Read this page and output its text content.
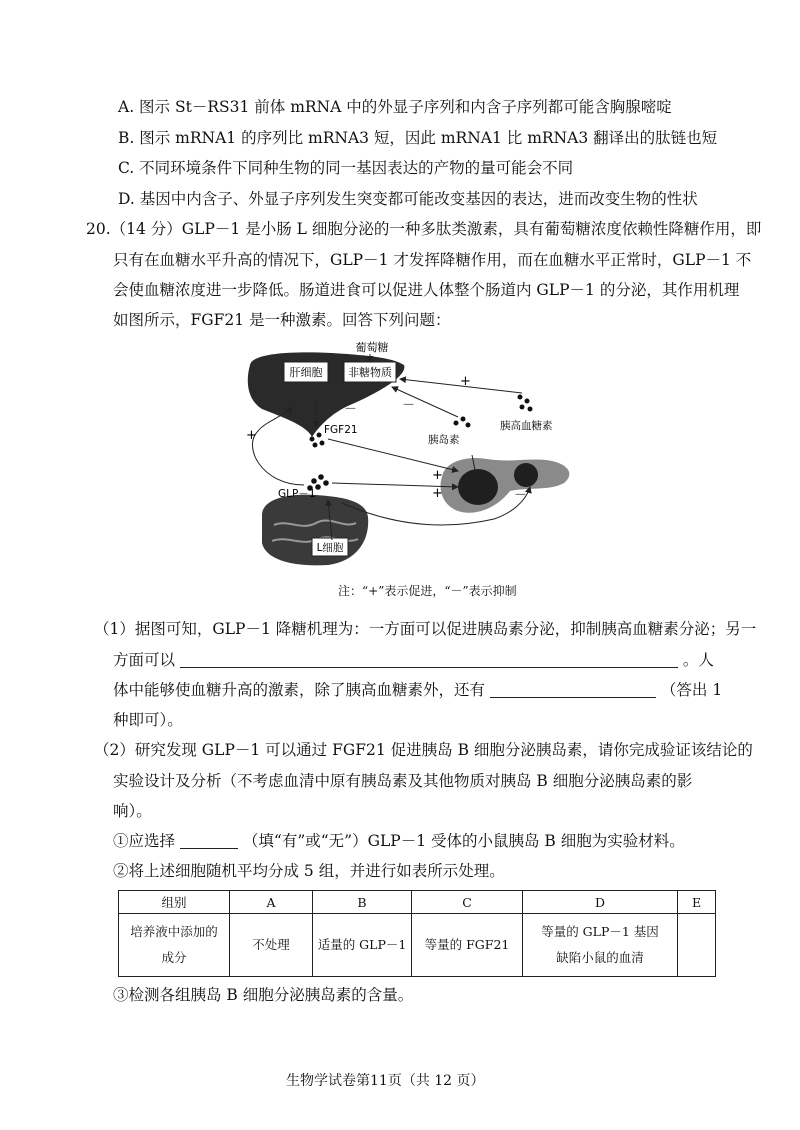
A. 图示 St－RS31 前体 mRNA 中的外显子序列和内含子序列都可能含胸腺嘧啶
B. 图示 mRNA1 的序列比 mRNA3 短，因此 mRNA1 比 mRNA3 翻译出的肽链也短
C. 不同环境条件下同种生物的同一基因表达的产物的量可能会不同
D. 基因中内含子、外显子序列发生突变都可能改变基因的表达，进而改变生物的性状
20.（14 分）GLP－1 是小肠 L 细胞分泌的一种多肽类激素，具有葡萄糖浓度依赖性降糖作用，即
只有在血糖水平升高的情况下，GLP－1 才发挥降糖作用，而在血糖水平正常时，GLP－1 不
会使血糖浓度进一步降低。肠道进食可以促进人体整个肠道内 GLP－1 的分泌，其作用机理
如图所示，FGF21 是一种激素。回答下列问题：
肝细胞 非糖物质
葡萄糖
L细胞
FGF21
胰岛素
胰高血糖素
GLP－1
+
+
+
+
－	－
－
注：“+”表示促进，“－”表示抑制
（1）据图可知，GLP－1 降糖机理为：一方面可以促进胰岛素分泌，抑制胰高血糖素分泌；另一
方面可以	。人
体中能够使血糖升高的激素，除了胰高血糖素外，还有	（答出 1
种即可）。
（2）研究发现 GLP－1 可以通过 FGF21 促进胰岛 B 细胞分泌胰岛素，请你完成验证该结论的
实验设计及分析（不考虑血清中原有胰岛素及其他物质对胰岛 B 细胞分泌胰岛素的影
响）。
①应选择	（填“有”或“无”）GLP－1 受体的小鼠胰岛 B 细胞为实验材料。
②将上述细胞随机平均分成 5 组，并进行如表所示处理。
组别	A	B	C	D	E
培养液中添加的
成分	不处理	适量的 GLP－1	等量的 FGF21	等量的 GLP－1 基因
缺陷小鼠的血清	
③检测各组胰岛 B 细胞分泌胰岛素的含量。
生物学试卷第11页（共 12 页）
